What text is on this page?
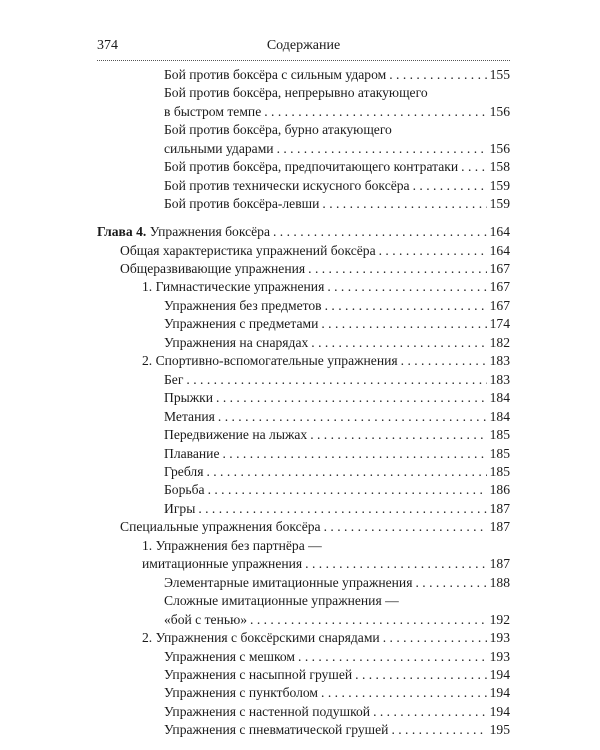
374	Содержание
Бой против боксёра с сильным ударом . . .	155
Бой против боксёра, непрерывно атакующего
в быстром темпе . . .	156
Бой против боксёра, бурно атакующего
сильными ударами . . .	156
Бой против боксёра, предпочитающего контратаки . . . 158
Бой против технически искусного боксёра . . .	159
Бой против боксёра-левши . . .	159
Глава 4. Упражнения боксёра . . .	164
Общая характеристика упражнений боксёра . . .	164
Общеразвивающие упражнения . . .	167
1. Гимнастические упражнения . . .	167
Упражнения без предметов . . .	167
Упражнения с предметами . . .	174
Упражнения на снарядах . . .	182
2. Спортивно-вспомогательные упражнения . . .	183
Бег . . .	183
Прыжки . . .	184
Метания . . .	184
Передвижение на лыжах . . .	185
Плавание . . .	185
Гребля . . .	185
Борьба . . .	186
Игры . . .	187
Специальные упражнения боксёра . . .	187
1. Упражнения без партнёра —
имитационные упражнения . . .	187
Элементарные имитационные упражнения . . .	188
Сложные имитационные упражнения —
«бой с тенью» . . .	192
2. Упражнения с боксёрскими снарядами . . .	193
Упражнения с мешком . . .	193
Упражнения с насыпной грушей . . .	194
Упражнения с пунктболом . . .	194
Упражнения с настенной подушкой . . .	194
Упражнения с пневматической грушей . . .	195
